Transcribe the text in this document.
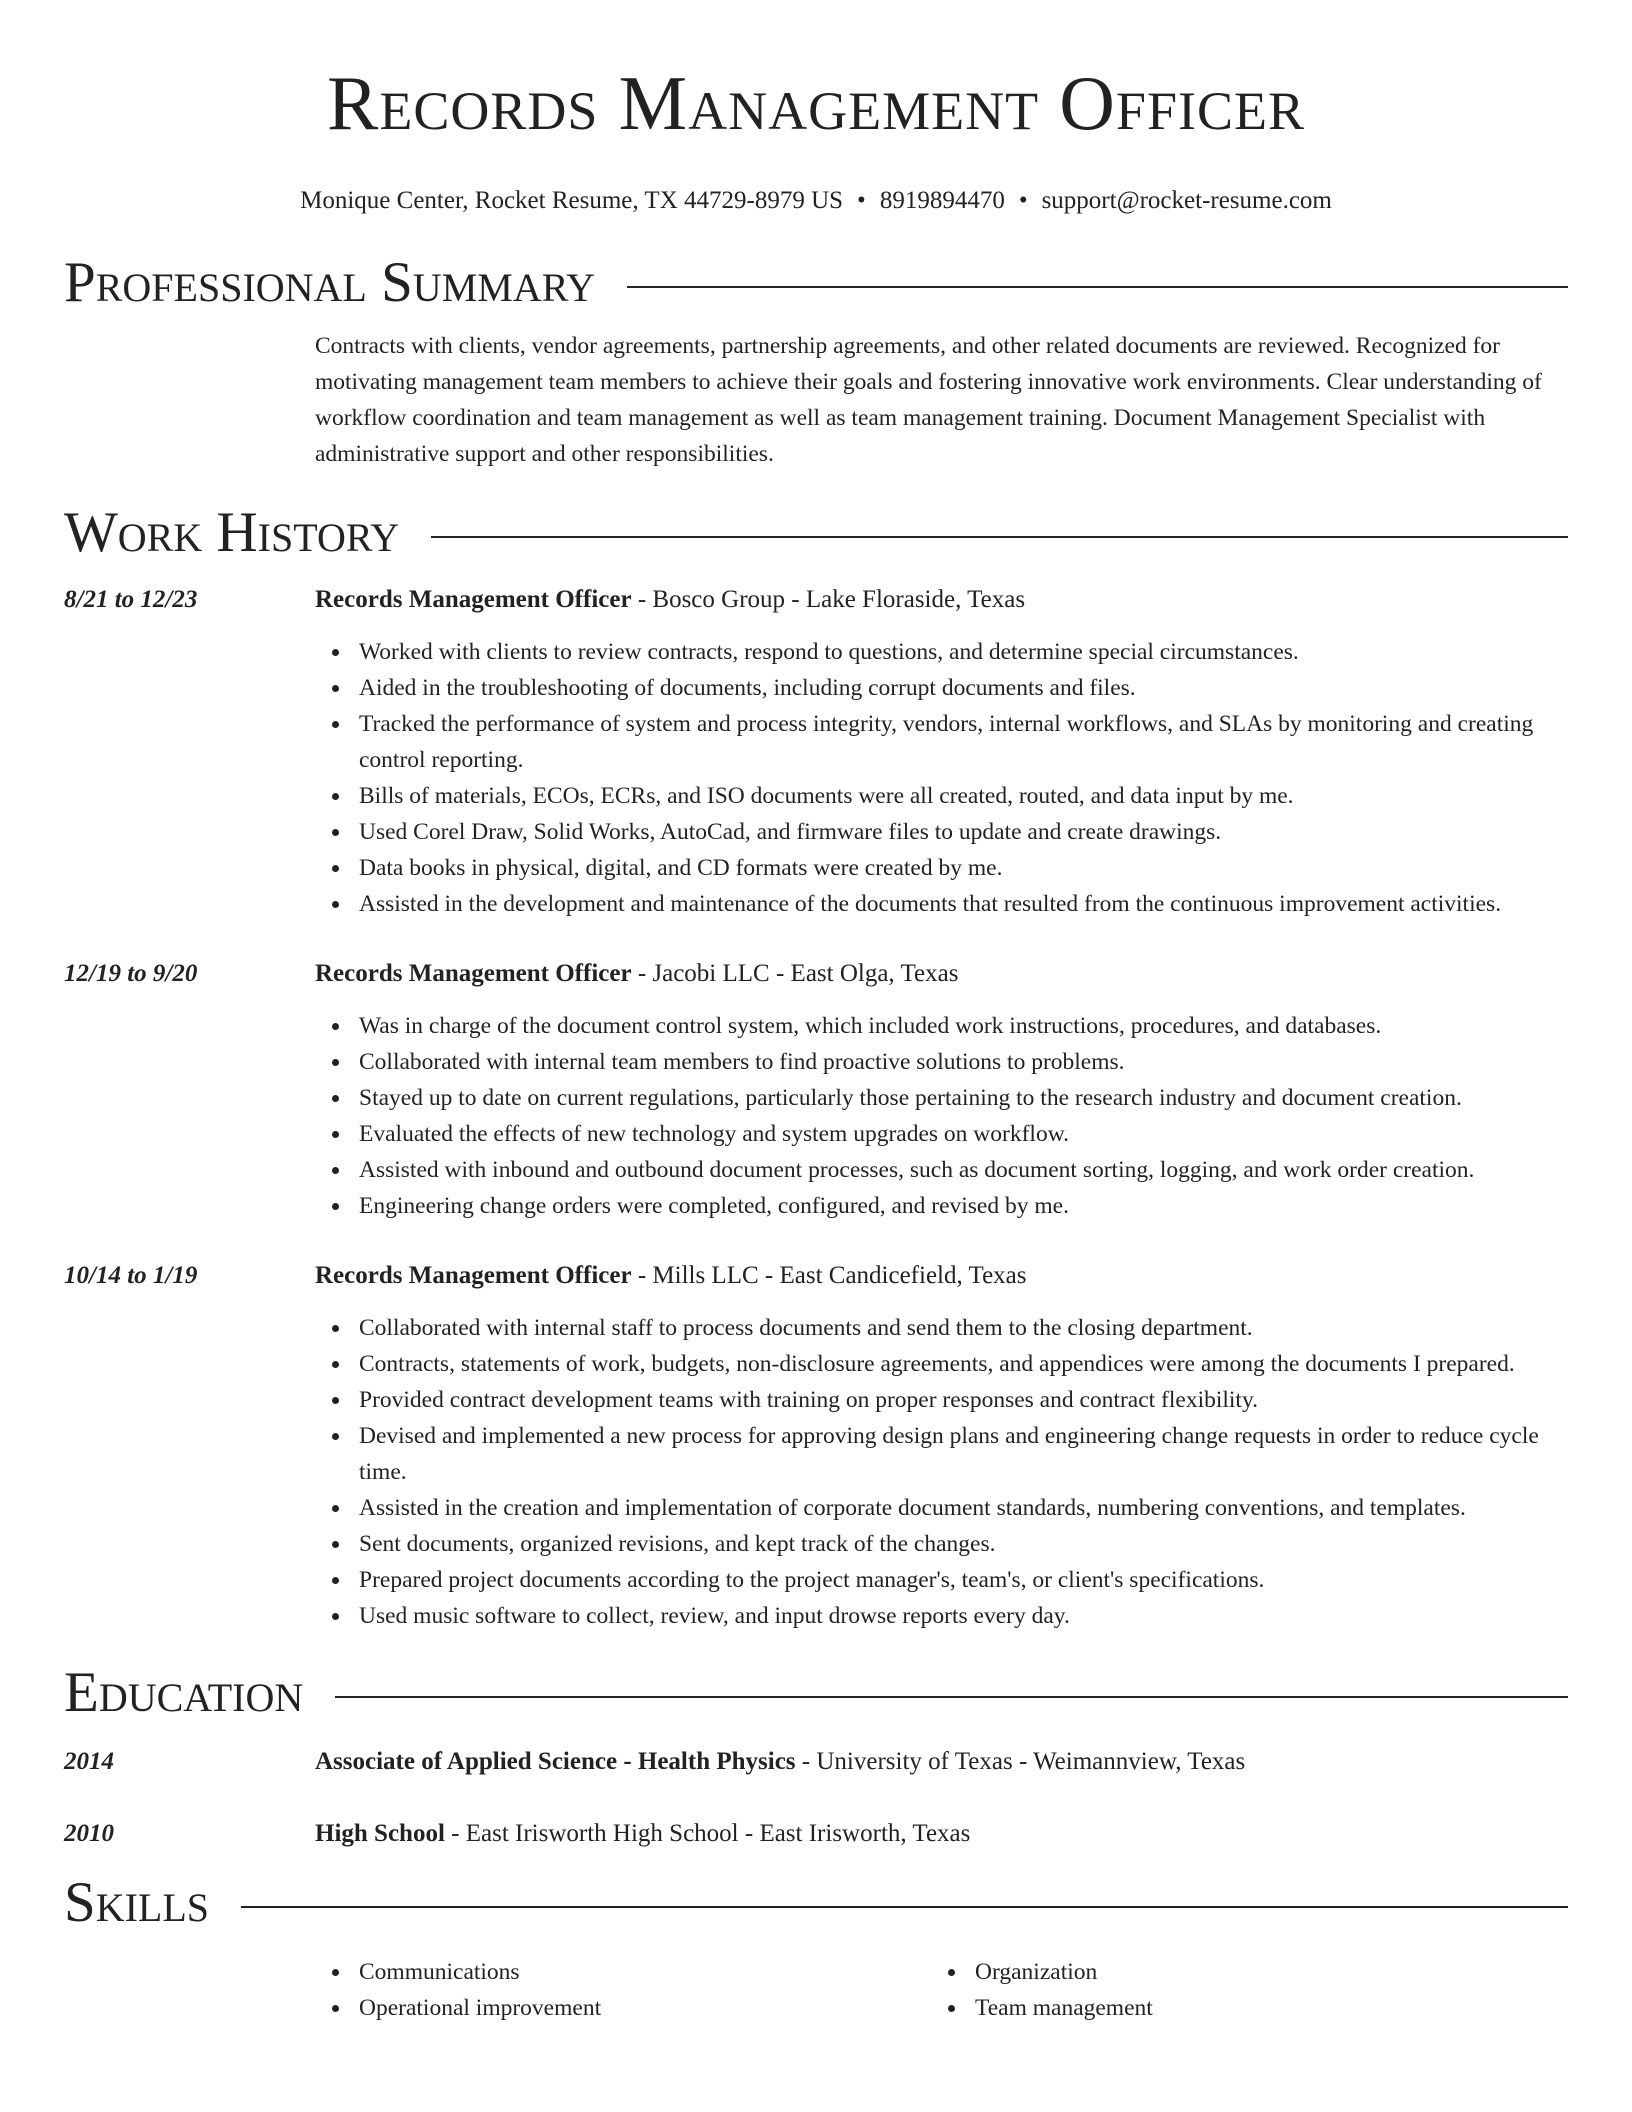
Records Management Officer
Monique Center, Rocket Resume, TX 44729-8979 US • 8919894470 • support@rocket-resume.com
Professional Summary
Contracts with clients, vendor agreements, partnership agreements, and other related documents are reviewed. Recognized for motivating management team members to achieve their goals and fostering innovative work environments. Clear understanding of workflow coordination and team management as well as team management training. Document Management Specialist with administrative support and other responsibilities.
Work History
8/21 to 12/23	Records Management Officer - Bosco Group - Lake Floraside, Texas
Worked with clients to review contracts, respond to questions, and determine special circumstances.
Aided in the troubleshooting of documents, including corrupt documents and files.
Tracked the performance of system and process integrity, vendors, internal workflows, and SLAs by monitoring and creating control reporting.
Bills of materials, ECOs, ECRs, and ISO documents were all created, routed, and data input by me.
Used Corel Draw, Solid Works, AutoCad, and firmware files to update and create drawings.
Data books in physical, digital, and CD formats were created by me.
Assisted in the development and maintenance of the documents that resulted from the continuous improvement activities.
12/19 to 9/20	Records Management Officer - Jacobi LLC - East Olga, Texas
Was in charge of the document control system, which included work instructions, procedures, and databases.
Collaborated with internal team members to find proactive solutions to problems.
Stayed up to date on current regulations, particularly those pertaining to the research industry and document creation.
Evaluated the effects of new technology and system upgrades on workflow.
Assisted with inbound and outbound document processes, such as document sorting, logging, and work order creation.
Engineering change orders were completed, configured, and revised by me.
10/14 to 1/19	Records Management Officer - Mills LLC - East Candicefield, Texas
Collaborated with internal staff to process documents and send them to the closing department.
Contracts, statements of work, budgets, non-disclosure agreements, and appendices were among the documents I prepared.
Provided contract development teams with training on proper responses and contract flexibility.
Devised and implemented a new process for approving design plans and engineering change requests in order to reduce cycle time.
Assisted in the creation and implementation of corporate document standards, numbering conventions, and templates.
Sent documents, organized revisions, and kept track of the changes.
Prepared project documents according to the project manager's, team's, or client's specifications.
Used music software to collect, review, and input drowse reports every day.
Education
2014	Associate of Applied Science - Health Physics - University of Texas - Weimannview, Texas
2010	High School - East Irisworth High School - East Irisworth, Texas
Skills
Communications
Operational improvement
Organization
Team management
